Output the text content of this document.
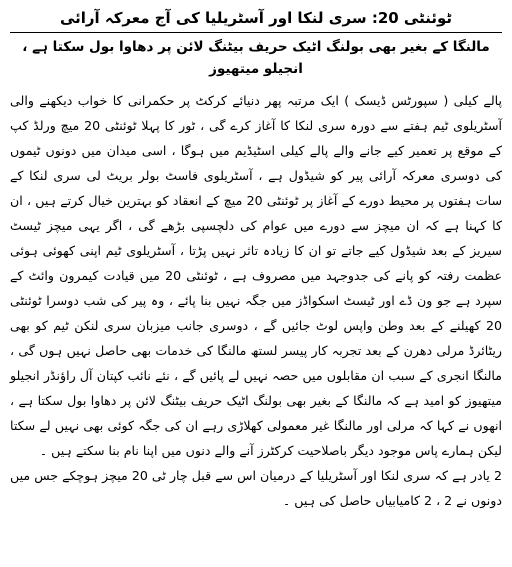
ٹوئنٹی 20: سری لنکا اور آسٹریلیا کی آج معرکہ آرائی
مالنگا کے بغیر بھی بولنگ اٹیک حریف بیٹنگ لائن پر دھاوا بول سکتا ہے ، انجیلو میتھیوز

پالے کیلی ( سپورٹس ڈیسک ) ایک مرتبہ پھر دنیائے کرکٹ پر حکمرانی کا خواب دیکھنے والی آسٹریلوی ٹیم ہفتے سے دورہ سری لنکا کا آغاز کرے گی ، ٹور کا پہلا ٹوئنٹی 20 میچ ورلڈ کپ کے موقع پر تعمیر کیے جانے والے پالے کیلی اسٹیڈیم میں ہوگا ، اسی میدان میں دونوں ٹیموں کی دوسری معرکہ آرائی پیر کو شیڈول ہے ، آسٹریلوی فاسٹ بولر بریٹ لی سری لنکا کے سات ہفتوں پر محیط دورے کے آغاز پر ٹوئنٹی 20 میچ کے انعقاد کو بہترین خیال کرتے ہیں ، ان کا کہنا ہے کہ ان میچز سے دورے میں عوام کی دلچسپی بڑھے گی ، اگر یہی میچز ٹیسٹ سیریز کے بعد شیڈول کیے جاتے تو ان کا زیادہ تاثر نہیں پڑتا ، آسٹریلوی ٹیم اپنی کھوئی ہوئی عظمت رفتہ کو پانے کی جدوجہد میں مصروف ہے ، ٹوئنٹی 20 میں قیادت کیمرون وائٹ کے سپرد ہے جو ون ڈے اور ٹیسٹ اسکواڈز میں جگہ نہیں بنا پائے ، وہ پیر کی شب دوسرا ٹوئنٹی 20 کھیلنے کے بعد وطن واپس لوٹ جائیں گے ، دوسری جانب میزبان سری لنکن ٹیم کو بھی ریٹائرڈ مرلی دھرن کے بعد تجربہ کار پیسر لستھ مالنگا کی خدمات بھی حاصل نہیں ہوں گی ، مالنگا انجری کے سبب ان مقابلوں میں حصہ نہیں لے پائیں گے ، نئے نائب کپتان آل راؤنڈر انجیلو میتھیوز کو امید ہے کہ مالنگا کے بغیر بھی بولنگ اٹیک حریف بیٹنگ لائن پر دھاوا بول سکتا ہے ، انھوں نے کہا کہ مرلی اور مالنگا غیر معمولی کھلاڑی رہے ان کی جگہ کوئی بھی نہیں لے سکتا لیکن ہمارے پاس موجود دیگر باصلاحیت کرکٹرز آنے والے دنوں میں اپنا نام بنا سکتے ہیں ۔

2 یادر ہے کہ سری لنکا اور آسٹریلیا کے درمیان اس سے قبل چار ٹی 20 میچز ہوچکے جس میں دونوں نے 2 ، 2 کامیابیاں حاصل کی ہیں ۔
